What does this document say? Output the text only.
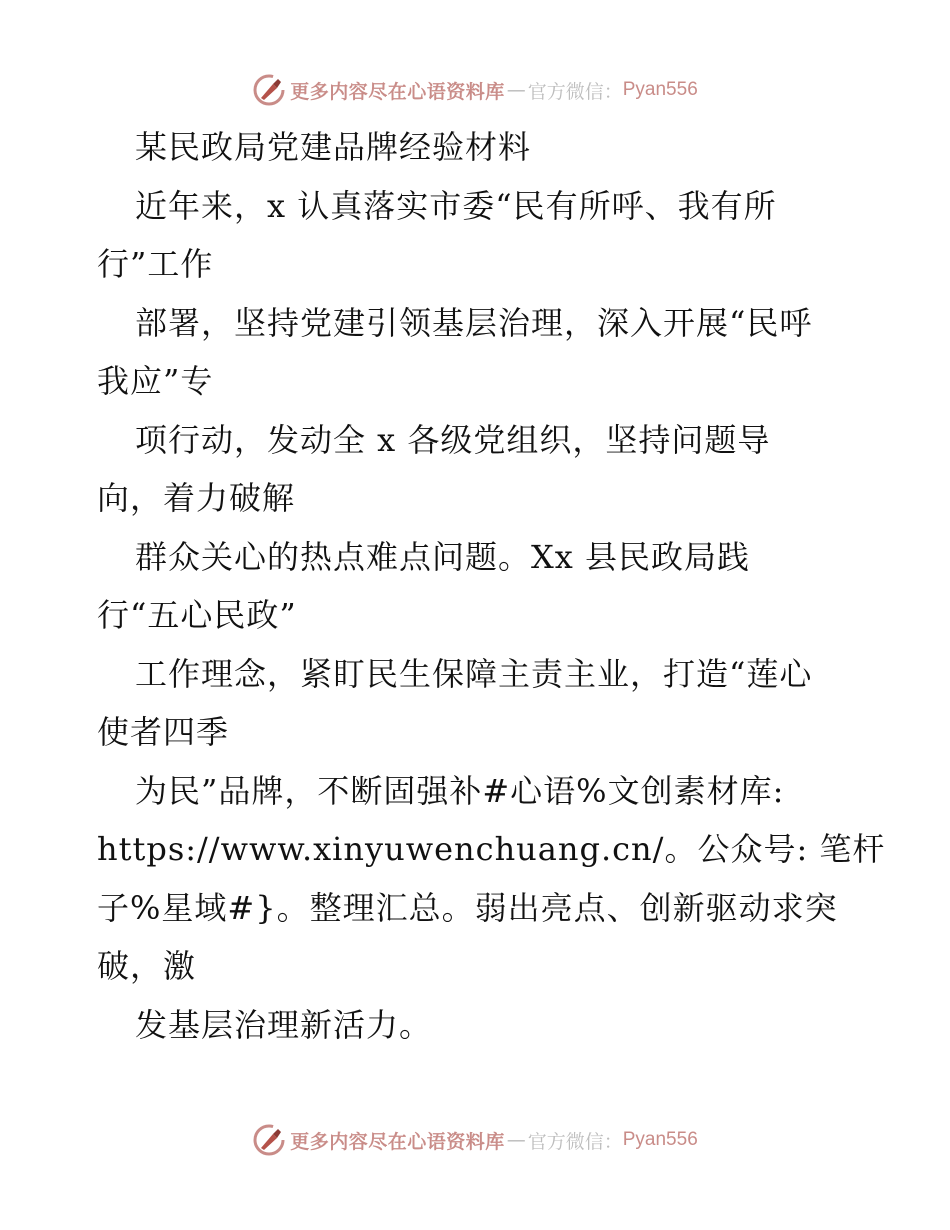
更多内容尽在心语资料库 — 官方微信： Pyan556
某民政局党建品牌经验材料
近年来，x 认真落实市委“民有所呼、我有所
行”工作
部署，坚持党建引领基层治理，深入开展“民呼
我应”专
项行动，发动全 x 各级党组织，坚持问题导
向，着力破解
群众关心的热点难点问题。Xx 县民政局践
行“五心民政”
工作理念，紧盯民生保障主责主业，打造“莲心
使者四季
为民”品牌，不断固强补#心语%文创素材库:
https://www.xinyuwenchuang.cn/。公众号: 笔杆
子%星域#}。整理汇总。弱出亮点、创新驱动求突
破，激
发基层治理新活力。
更多内容尽在心语资料库 — 官方微信： Pyan556
